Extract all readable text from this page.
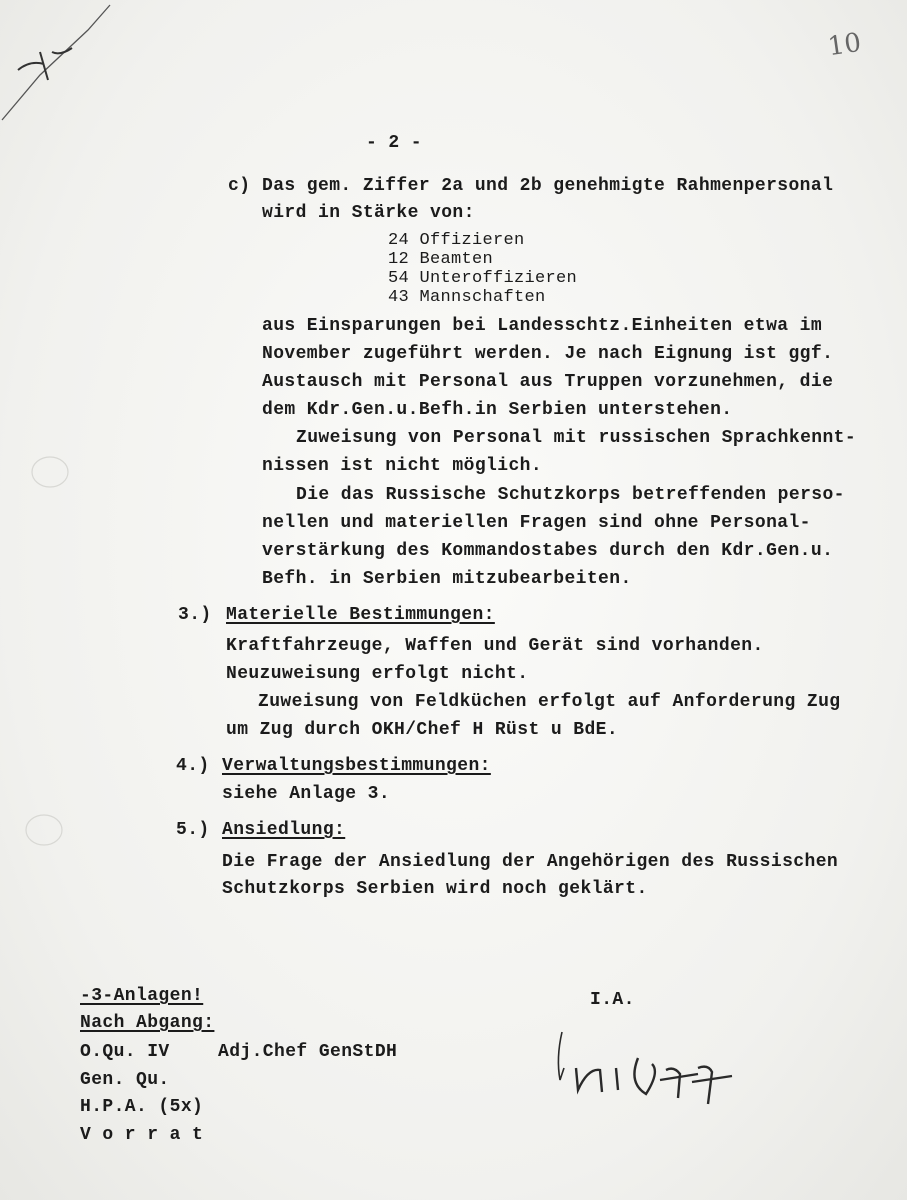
10
- 2 -
c) Das gem. Ziffer 2a und 2b genehmigte Rahmenpersonal
wird in Stärke von:
24 Offizieren
12 Beamten
54 Unteroffizieren
43 Mannschaften
aus Einsparungen bei Landesschtz.Einheiten etwa im
November zugeführt werden. Je nach Eignung ist ggf.
Austausch mit Personal aus Truppen vorzunehmen, die
dem Kdr.Gen.u.Befh.in Serbien unterstehen.
Zuweisung von Personal mit russischen Sprachkennt-
nissen ist nicht möglich.
Die das Russische Schutzkorps betreffenden perso-
nellen und materiellen Fragen sind ohne Personal-
verstärkung des Kommandostabes durch den Kdr.Gen.u.
Befh. in Serbien mitzubearbeiten.
3.) Materielle Bestimmungen:
Kraftfahrzeuge, Waffen und Gerät sind vorhanden.
Neuzuweisung erfolgt nicht.
Zuweisung von Feldküchen erfolgt auf Anforderung Zug
um Zug durch OKH/Chef H Rüst u BdE.
4.) Verwaltungsbestimmungen:
siehe Anlage 3.
5.) Ansiedlung:
Die Frage der Ansiedlung der Angehörigen des Russischen
Schutzkorps Serbien wird noch geklärt.
-3-Anlagen!
Nach Abgang:
O.Qu. IV	Adj.Chef GenStDH
Gen. Qu.
H.P.A. (5x)
V o r r a t
I.A.
